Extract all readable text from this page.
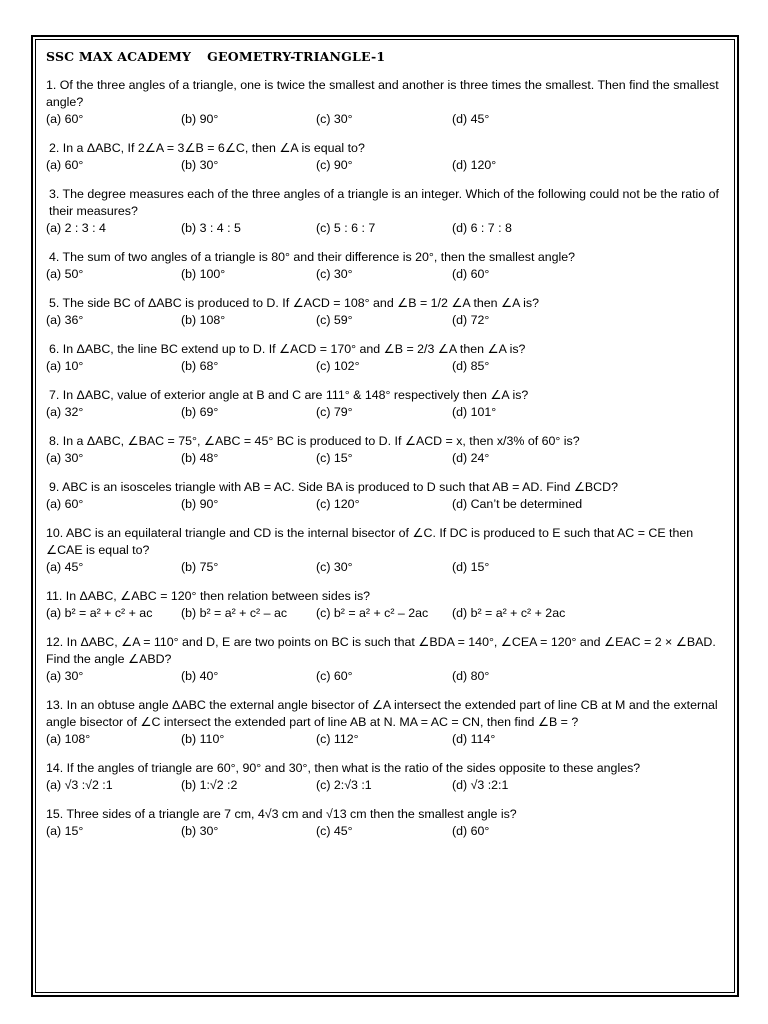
SSC MAX ACADEMY GEOMETRY-TRIANGLE-1
1. Of the three angles of a triangle, one is twice the smallest and another is three times the smallest. Then find the smallest angle?
(a) 60°	(b) 90°	(c) 30°	(d) 45°
2. In a ΔABC, If 2∠A = 3∠B = 6∠C, then ∠A is equal to?
(a) 60°	(b) 30°	(c) 90°	(d) 120°
3. The degree measures each of the three angles of a triangle is an integer. Which of the following could not be the ratio of their measures?
(a) 2 : 3 : 4	(b) 3 : 4 : 5	(c) 5 : 6 : 7	(d) 6 : 7 : 8
4. The sum of two angles of a triangle is 80° and their difference is 20°, then the smallest angle?
(a) 50°	(b) 100°	(c) 30°	(d) 60°
5. The side BC of ΔABC is produced to D. If ∠ACD = 108° and ∠B = 1/2 ∠A then ∠A is?
(a) 36°	(b) 108°	(c) 59°	(d) 72°
6. In ΔABC, the line BC extend up to D. If ∠ACD = 170° and ∠B = 2/3 ∠A then ∠A is?
(a) 10°	(b) 68°	(c) 102°	(d) 85°
7. In ΔABC, value of exterior angle at B and C are 111° & 148° respectively then ∠A is?
(a) 32°	(b) 69°	(c) 79°	(d) 101°
8. In a ΔABC, ∠BAC = 75°, ∠ABC = 45° BC is produced to D. If ∠ACD = x, then x/3% of 60° is?
(a) 30°	(b) 48°	(c) 15°	(d) 24°
9. ABC is an isosceles triangle with AB = AC. Side BA is produced to D such that AB = AD. Find ∠BCD?
(a) 60°	(b) 90°	(c) 120°	(d) Can’t be determined
10. ABC is an equilateral triangle and CD is the internal bisector of ∠C. If DC is produced to E such that AC = CE then ∠CAE is equal to?
(a) 45°	(b) 75°	(c) 30°	(d) 15°
11. In ΔABC, ∠ABC = 120° then relation between sides is?
(a) b² = a² + c² + ac	(b) b² = a² + c² – ac	(c) b² = a² + c² – 2ac	(d) b² = a² + c² + 2ac
12. In ΔABC, ∠A = 110° and D, E are two points on BC is such that ∠BDA = 140°, ∠CEA = 120° and ∠EAC = 2 × ∠BAD. Find the angle ∠ABD?
(a) 30°	(b) 40°	(c) 60°	(d) 80°
13. In an obtuse angle ΔABC the external angle bisector of ∠A intersect the extended part of line CB at M and the external angle bisector of ∠C intersect the extended part of line AB at N. MA = AC = CN, then find ∠B = ?
(a) 108°	(b) 110°	(c) 112°	(d) 114°
14. If the angles of triangle are 60°, 90° and 30°, then what is the ratio of the sides opposite to these angles?
(a) √3 :√2 :1	(b) 1:√2 :2	(c) 2:√3 :1	(d) √3 :2:1
15. Three sides of a triangle are 7 cm, 4√3 cm and √13 cm then the smallest angle is?
(a) 15°	(b) 30°	(c) 45°	(d) 60°
